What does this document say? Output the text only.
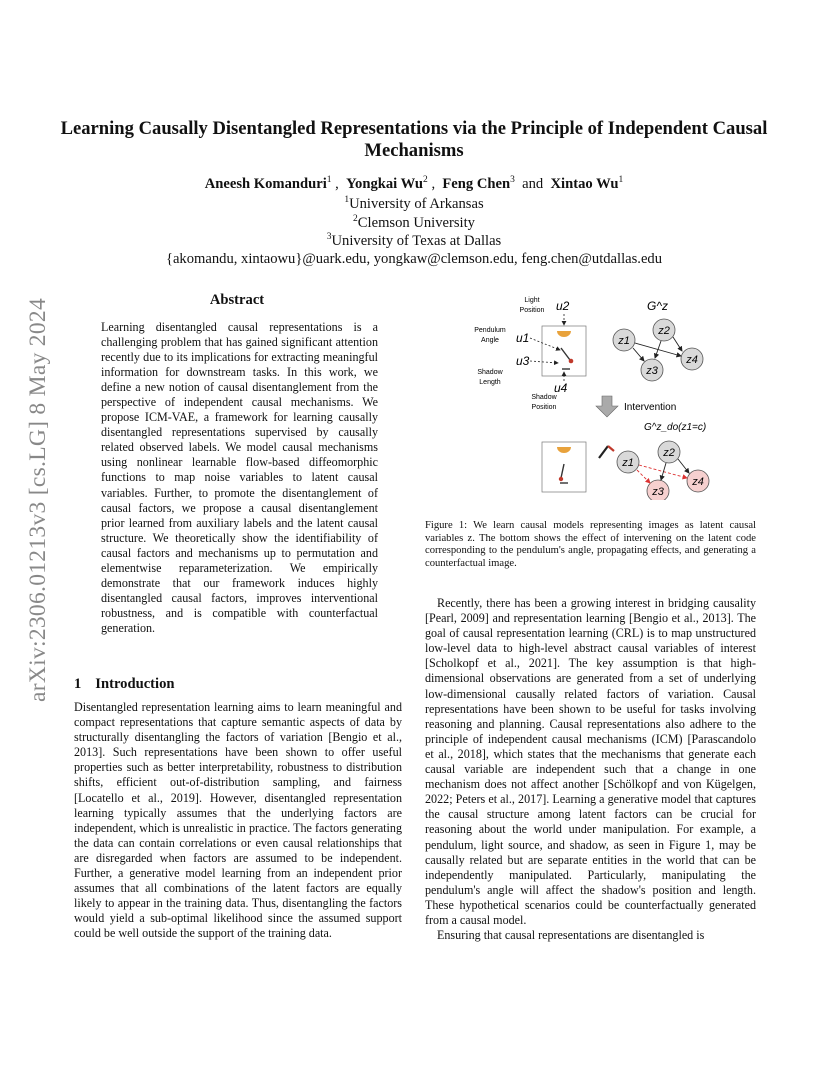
arXiv:2306.01213v3 [cs.LG] 8 May 2024
Learning Causally Disentangled Representations via the Principle of Independent Causal Mechanisms
Aneesh Komanduri$^1$ ,  Yongkai Wu$^2$ ,  Feng Chen$^3$ and Xintao Wu$^1$
$^1$University of Arkansas
$^2$Clemson University
$^3$University of Texas at Dallas
{akomandu, xintaowu}@uark.edu, yongkaw@clemson.edu, feng.chen@utdallas.edu
Abstract
Learning disentangled causal representations is a challenging problem that has gained significant attention recently due to its implications for extracting meaningful information for downstream tasks. In this work, we define a new notion of causal disentanglement from the perspective of independent causal mechanisms. We propose ICM-VAE, a framework for learning causally disentangled representations supervised by causally related observed labels. We model causal mechanisms using nonlinear learnable flow-based diffeomorphic functions to map noise variables to latent causal variables. Further, to promote the disentanglement of causal factors, we propose a causal disentanglement prior learned from auxiliary labels and the latent causal structure. We theoretically show the identifiability of causal factors and mechanisms up to permutation and elementwise reparameterization. We empirically demonstrate that our framework induces highly disentangled causal factors, improves interventional robustness, and is compatible with counterfactual generation.
1 Introduction
Disentangled representation learning aims to learn meaningful and compact representations that capture semantic aspects of data by structurally disentangling the factors of variation [Bengio et al., 2013]. Such representations have been shown to offer useful properties such as better interpretability, robustness to distribution shifts, efficient out-of-distribution sampling, and fairness [Locatello et al., 2019]. However, disentangled representation learning typically assumes that the underlying factors are independent, which is unrealistic in practice. The factors generating the data can contain correlations or even causal relationships that are disregarded when factors are assumed to be independent. Further, a generative model learning from an independent prior assumes that all combinations of the latent factors are equally likely to appear in the training data. Thus, disentangling the factors would yield a sub-optimal likelihood since the assumed support could be well outside the support of the training data.
Light
Position u2
Pendulum
Angle u1
u3
Shadow
Length	u4
Shadow
Position
G^z
z1
z2
z3
z4
Intervention
G^z_do(z1=c)
z1
z2
z3
z4
Figure 1: We learn causal models representing images as latent causal variables z. The bottom shows the effect of intervening on the latent code corresponding to the pendulum's angle, propagating effects, and generating a counterfactual image.

Recently, there has been a growing interest in bridging causality [Pearl, 2009] and representation learning [Bengio et al., 2013]. The goal of causal representation learning (CRL) is to map unstructured low-level data to high-level abstract causal variables of interest [Scholkopf et al., 2021]. The key assumption is that high-dimensional observations are generated from a set of underlying low-dimensional causally related factors of variation. Causal representations have been shown to be useful for tasks involving reasoning and planning. Causal representations also adhere to the principle of independent causal mechanisms (ICM) [Parascandolo et al., 2018], which states that the mechanisms that generate each causal variable are independent such that a change in one mechanism does not affect another [Schölkopf and von Kügelgen, 2022; Peters et al., 2017]. Learning a generative model that captures the causal structure among latent factors can be crucial for reasoning about the world under manipulation. For example, a pendulum, light source, and shadow, as seen in Figure 1, may be causally related but are separate entities in the world that can be independently manipulated. Particularly, manipulating the pendulum's angle will affect the shadow's position and length. These hypothetical scenarios could be counterfactually generated from a causal model.

Ensuring that causal representations are disentangled is
